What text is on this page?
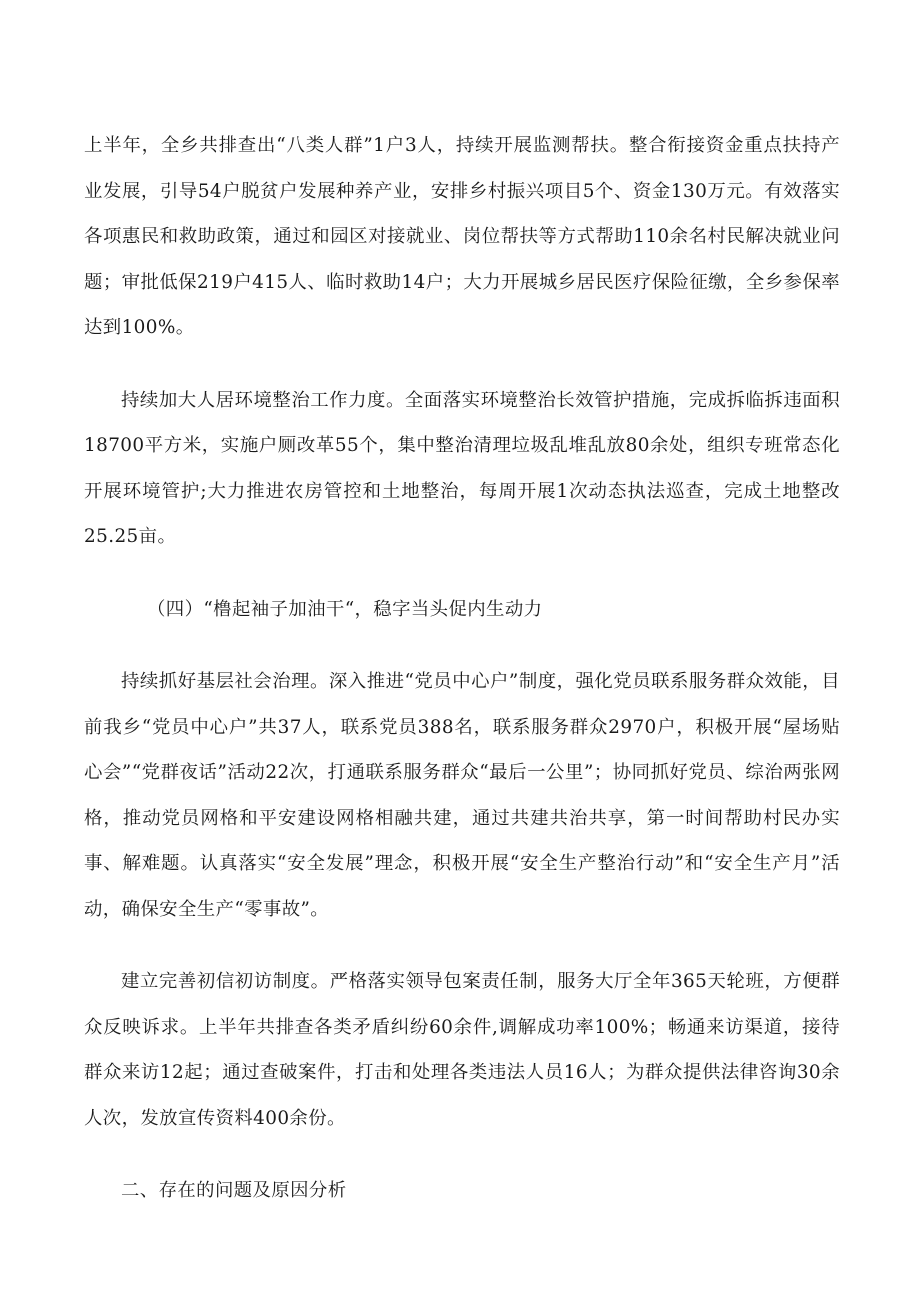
上半年，全乡共排查出“八类人群”1户3人，持续开展监测帮扶。整合衔接资金重点扶持产业发展，引导54户脱贫户发展种养产业，安排乡村振兴项目5个、资金130万元。有效落实各项惠民和救助政策，通过和园区对接就业、岗位帮扶等方式帮助110余名村民解决就业问题；审批低保219户415人、临时救助14户；大力开展城乡居民医疗保险征缴，全乡参保率达到100%。

持续加大人居环境整治工作力度。全面落实环境整治长效管护措施，完成拆临拆违面积18700平方米，实施户厕改革55个，集中整治清理垃圾乱堆乱放80余处，组织专班常态化开展环境管护;大力推进农房管控和土地整治，每周开展1次动态执法巡查，完成土地整改25.25亩。

（四）“橹起袖子加油干“，稳字当头促内生动力

持续抓好基层社会治理。深入推进“党员中心户”制度，强化党员联系服务群众效能，目前我乡“党员中心户”共37人，联系党员388名，联系服务群众2970户，积极开展“屋场贴心会”“党群夜话”活动22次，打通联系服务群众“最后一公里”；协同抓好党员、综治两张网格，推动党员网格和平安建设网格相融共建，通过共建共治共享，第一时间帮助村民办实事、解难题。认真落实“安全发展”理念，积极开展“安全生产整治行动”和“安全生产月”活动，确保安全生产“零事故”。

建立完善初信初访制度。严格落实领导包案责任制，服务大厅全年365天轮班，方便群众反映诉求。上半年共排查各类矛盾纠纷60余件,调解成功率100%；畅通来访渠道，接待群众来访12起；通过查破案件，打击和处理各类违法人员16人；为群众提供法律咨询30余人次，发放宣传资料400余份。

二、存在的问题及原因分析
